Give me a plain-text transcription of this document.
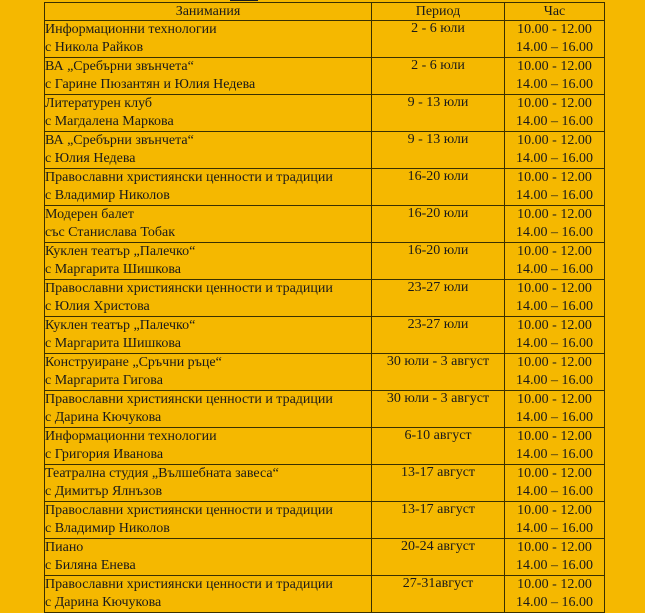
Занимания	Период	Час

Информационни технологии
с Никола Райков	2 - 6 юли	10.00 - 12.00
14.00 – 16.00

ВА „Сребърни звънчета“
с Гарине Пюзантян и Юлия Недева	2 - 6 юли	10.00 - 12.00
14.00 – 16.00

Литературен клуб
с Магдалена Маркова	9 - 13 юли	10.00 - 12.00
14.00 – 16.00

ВА „Сребърни звънчета“
с Юлия Недева	9 - 13 юли	10.00 - 12.00
14.00 – 16.00

Православни християнски ценности и традиции
с Владимир Николов	16-20 юли	10.00 - 12.00
14.00 – 16.00

Модерен балет
със Станислава Тобак	16-20 юли	10.00 - 12.00
14.00 – 16.00

Куклен театър „Палечко“
с Маргарита Шишкова	16-20 юли	10.00 - 12.00
14.00 – 16.00

Православни християнски ценности и традиции
с Юлия Христова	23-27 юли	10.00 - 12.00
14.00 – 16.00

Куклен театър „Палечко“
с Маргарита Шишкова	23-27 юли	10.00 - 12.00
14.00 – 16.00

Конструиране „Сръчни ръце“
с Маргарита Гигова	30 юли - 3 август	10.00 - 12.00
14.00 – 16.00

Православни християнски ценности и традиции
с Дарина Кючукова	30 юли - 3 август	10.00 - 12.00
14.00 – 16.00

Информационни технологии
с Григория Иванова	6-10 август	10.00 - 12.00
14.00 – 16.00

Театрална студия „Вълшебната завеса“
с Димитър Ялнъзов	13-17 август	10.00 - 12.00
14.00 – 16.00

Православни християнски ценности и традиции
с Владимир Николов	13-17 август	10.00 - 12.00
14.00 – 16.00

Пиано
с Биляна Енева	20-24 август	10.00 - 12.00
14.00 – 16.00

Православни християнски ценности и традиции
с Дарина Кючукова	27-31август	10.00 - 12.00
14.00 – 16.00
